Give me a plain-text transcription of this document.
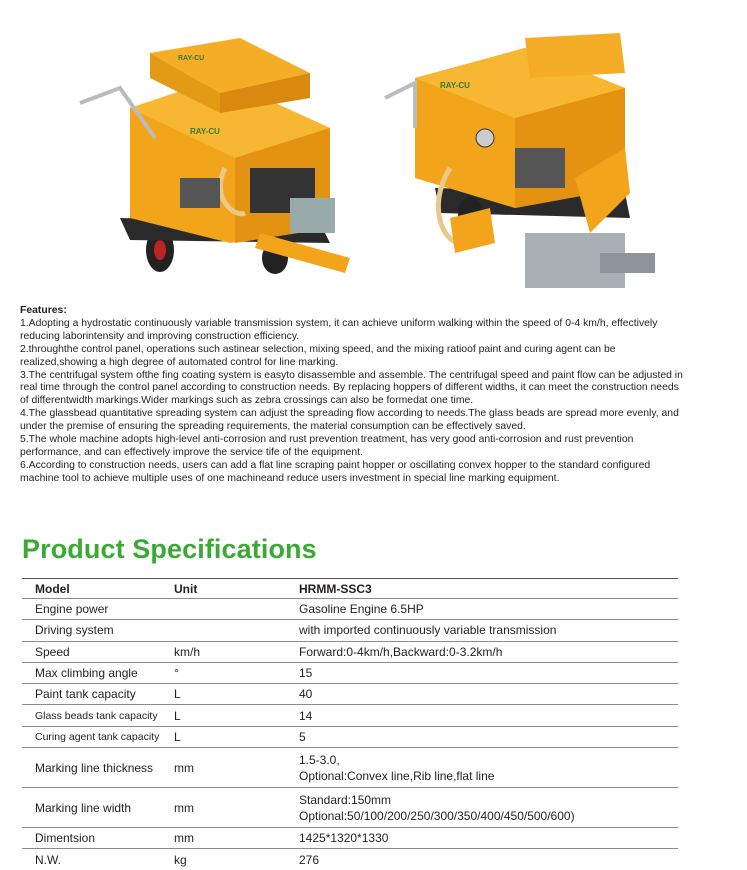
RAY-CU
RAY-CU
RAY-CU
Features:

1.Adopting a hydrostatic continuously variable transmission system, it can achieve uniform walking within the speed of 0-4 km/h, effectively reducing laborintensity and improving construction efficiency.

2.throughthe control panel, operations such astinear selection, mixing speed, and the mixing ratioof paint and curing agent can be realized,showing a high degree of automated control for line marking.

3.The centrifugal system ofthe fing coating system is easyto disassemble and assemble. The centrifugal speed and paint flow can be adjusted in real time through the control panel according to construction needs. By replacing hoppers of different widths, it can meet the construction needs of differentwidth markings.Wider markings such as zebra crossings can also be formedat one time.

4.The glassbead quantitative spreading system can adjust the spreading flow according to needs.The glass beads are spread more evenly, and under the premise of ensuring the spreading requirements, the material consumption can be effectively saved.

5.The whole machine adopts high-level anti-corrosion and rust prevention treatment, has very good anti-corrosion and rust prevention performance, and can effectively improve the service tife of the equipment.

6.According to construction needs, users can add a flat line scraping paint hopper or oscillating convex hopper to the standard configured machine tool to achieve multiple uses of one machineand reduce users investment in special line marking equipment.

Product Specifications
Model	Unit	HRMM-SSC3
Engine power		Gasoline Engine 6.5HP
Driving system		with imported continuously variable transmission
Speed	km/h	Forward:0-4km/h,Backward:0-3.2km/h
Max climbing angle	°	15
Paint tank capacity	L	40
Glass beads tank capacity	L	14
Curing agent tank capacity	L	5
Marking line thickness	mm	1.5-3.0,
Optional:Convex line,Rib line,flat line

Marking line width	mm	Standard:150mm
Optional:50/100/200/250/300/350/400/450/500/600)

Dimentsion	mm	1425*1320*1330
N.W.	kg	276
